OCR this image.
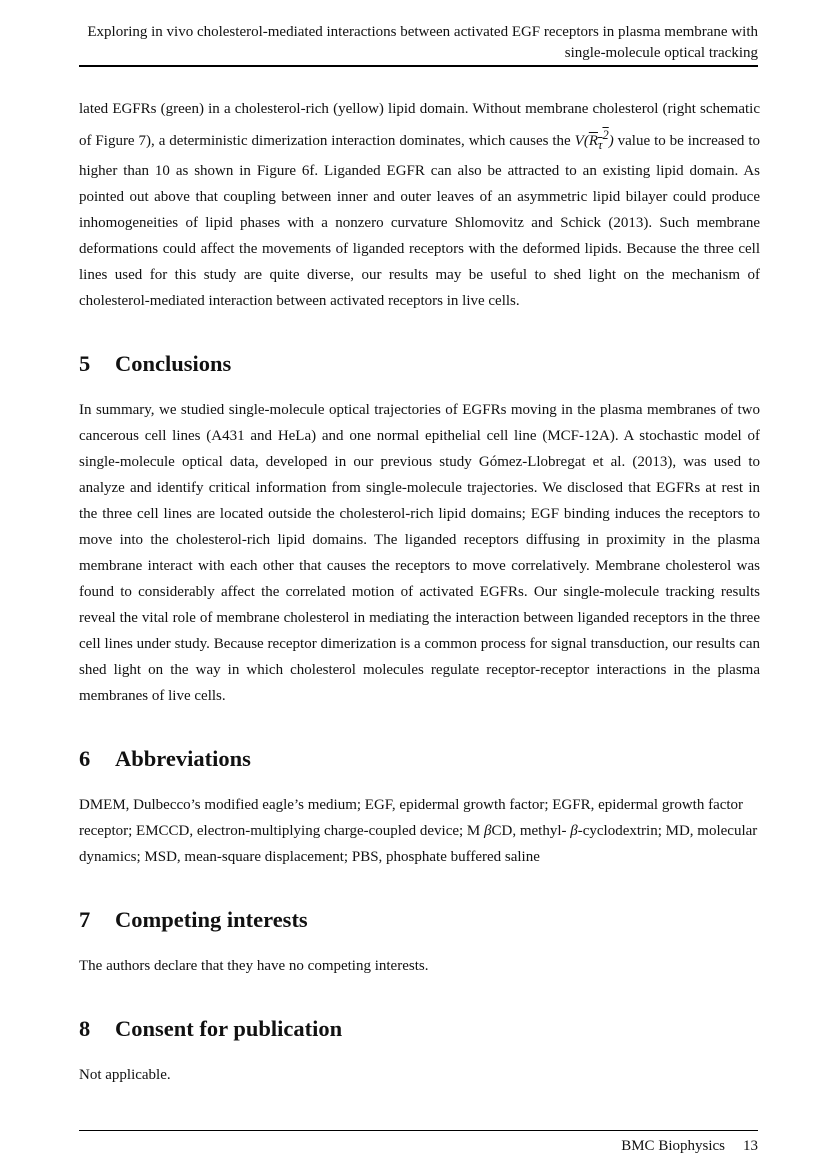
Exploring in vivo cholesterol-mediated interactions between activated EGF receptors in plasma membrane with single-molecule optical tracking

lated EGFRs (green) in a cholesterol-rich (yellow) lipid domain. Without membrane cholesterol (right schematic of Figure 7), a deterministic dimerization interaction dominates, which causes the $V(R_\tau^2)$ value to be increased to higher than 10 as shown in Figure 6f. Liganded EGFR can also be attracted to an existing lipid domain. As pointed out above that coupling between inner and outer leaves of an asymmetric lipid bilayer could produce inhomogeneities of lipid phases with a nonzero curvature Shlomovitz and Schick (2013). Such membrane deformations could affect the movements of liganded receptors with the deformed lipids. Because the three cell lines used for this study are quite diverse, our results may be useful to shed light on the mechanism of cholesterol-mediated interaction between activated receptors in live cells.

5	Conclusions

In summary, we studied single-molecule optical trajectories of EGFRs moving in the plasma membranes of two cancerous cell lines (A431 and HeLa) and one normal epithelial cell line (MCF-12A). A stochastic model of single-molecule optical data, developed in our previous study Gómez-Llobregat et al. (2013), was used to analyze and identify critical information from single-molecule trajectories. We disclosed that EGFRs at rest in the three cell lines are located outside the cholesterol-rich lipid domains; EGF binding induces the receptors to move into the cholesterol-rich lipid domains. The liganded receptors diffusing in proximity in the plasma membrane interact with each other that causes the receptors to move correlatively. Membrane cholesterol was found to considerably affect the correlated motion of activated EGFRs. Our single-molecule tracking results reveal the vital role of membrane cholesterol in mediating the interaction between liganded receptors in the three cell lines under study. Because receptor dimerization is a common process for signal transduction, our results can shed light on the way in which cholesterol molecules regulate receptor-receptor interactions in the plasma membranes of live cells.

6	Abbreviations

DMEM, Dulbecco’s modified eagle’s medium; EGF, epidermal growth factor; EGFR, epidermal growth factor receptor; EMCCD, electron-multiplying charge-coupled device; M βCD, methyl- β-cyclodextrin; MD, molecular dynamics; MSD, mean-square displacement; PBS, phosphate buffered saline

7	Competing interests

The authors declare that they have no competing interests.

8	Consent for publication

Not applicable.

BMC Biophysics 13
